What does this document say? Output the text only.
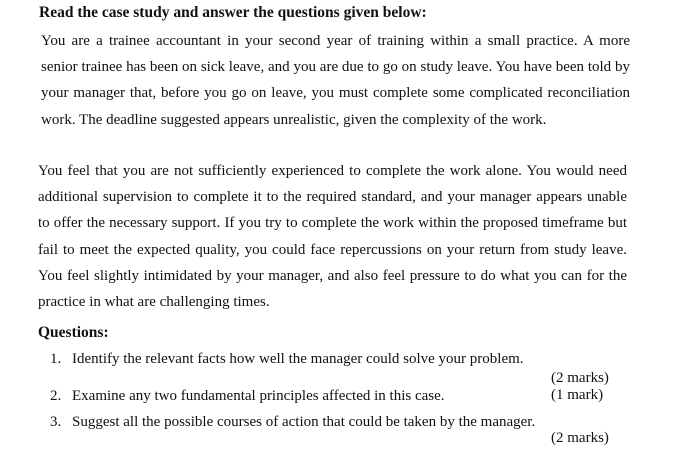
Read the case study and answer the questions given below:
You are a trainee accountant in your second year of training within a small practice. A more senior trainee has been on sick leave, and you are due to go on study leave. You have been told by your manager that, before you go on leave, you must complete some complicated reconciliation work. The deadline suggested appears unrealistic, given the complexity of the work.
You feel that you are not sufficiently experienced to complete the work alone. You would need additional supervision to complete it to the required standard, and your manager appears unable to offer the necessary support. If you try to complete the work within the proposed timeframe but fail to meet the expected quality, you could face repercussions on your return from study leave. You feel slightly intimidated by your manager, and also feel pressure to do what you can for the practice in what are challenging times.
Questions:
1. Identify the relevant facts how well the manager could solve your problem.
(2 marks)
2. Examine any two fundamental principles affected in this case.	(1 mark)
3. Suggest all the possible courses of action that could be taken by the manager.
(2 marks)
